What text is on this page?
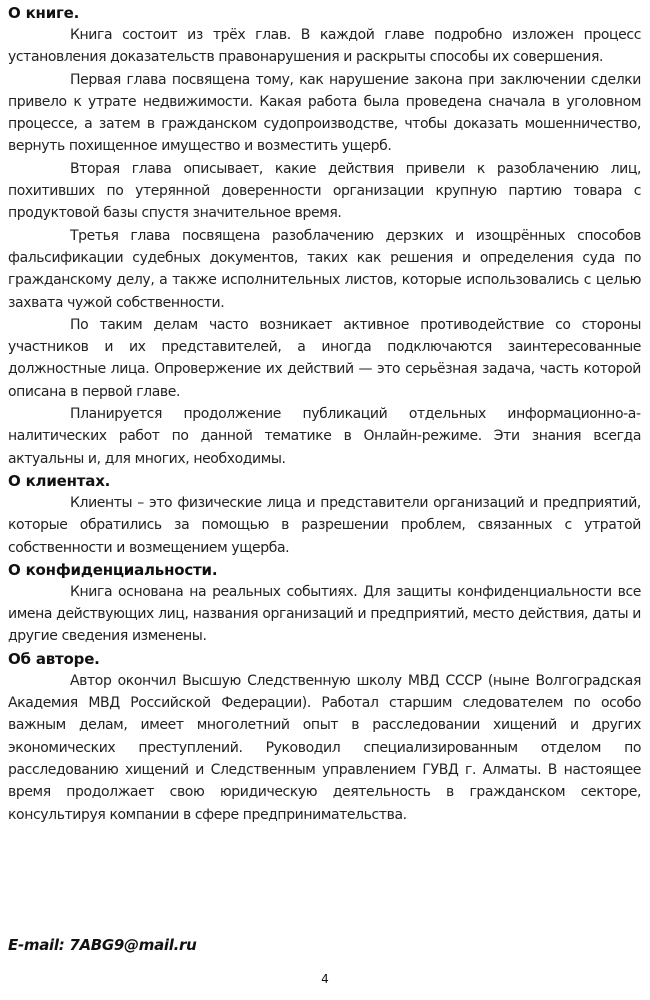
О книге.

Книга состоит из трёх глав. В каждой главе подробно изложен процесс установления доказательств правонарушения и раскрыты способы их совершения.

Первая глава посвящена тому, как нарушение закона при заключении сделки привело к утрате недвижимости. Какая работа была проведена сначала в уголовном процессе, а затем в гражданском судопроизводстве, чтобы доказать мошенничество, вернуть похищенное имущество и возместить ущерб.

Вторая глава описывает, какие действия привели к разоблачению лиц, похитивших по утерянной доверенности организации крупную партию товара с продуктовой базы спустя значительное время.

Третья глава посвящена разоблачению дерзких и изощрённых способов фальсификации судебных документов, таких как решения и определения суда по гражданскому делу, а также исполнительных листов, которые использовались с целью захвата чужой собственности.

По таким делам часто возникает активное противодействие со стороны участников и их представителей, а иногда подключаются заинтересованные должностные лица. Опровержение их действий — это серьёзная задача, часть которой описана в первой главе.

Планируется продолжение публикаций отдельных информационно-аналитических работ по данной тематике в Онлайн-режиме. Эти знания всегда актуальны и, для многих, необходимы.

О клиентах.

Клиенты – это физические лица и представители организаций и предприятий, которые обратились за помощью в разрешении проблем, связанных с утратой собственности и возмещением ущерба.

О конфиденциальности.

Книга основана на реальных событиях. Для защиты конфиденциальности все имена действующих лиц, названия организаций и предприятий, место действия, даты и другие сведения изменены.

Об авторе.

Автор окончил Высшую Следственную школу МВД СССР (ныне Волгоградская Академия МВД Российской Федерации). Работал старшим следователем по особо важным делам, имеет многолетний опыт в расследовании хищений и других экономических преступлений. Руководил специализированным отделом по расследованию хищений и Следственным управлением ГУВД г. Алматы. В настоящее время продолжает свою юридическую деятельность в гражданском секторе, консультируя компании в сфере предпринимательства.

E-mail: 7ABG9@mail.ru
4
